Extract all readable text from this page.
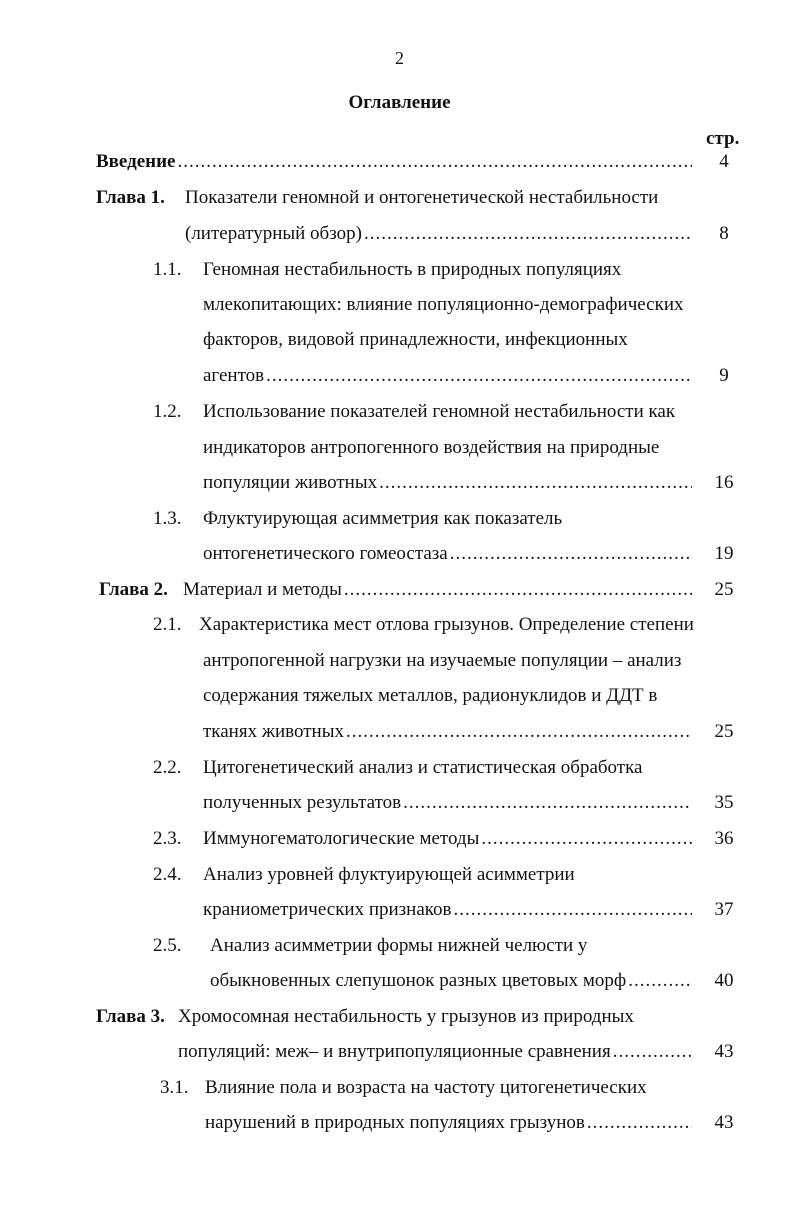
2
Оглавление
стр.
Введение .....	4
Глава 1. Показатели геномной и онтогенетической нестабильности
(литературный обзор) .....	8
1.1. Геномная нестабильность в природных популяциях
млекопитающих: влияние популяционно-демографических
факторов, видовой принадлежности, инфекционных
агентов .....	9
1.2. Использование показателей геномной нестабильности как
индикаторов антропогенного воздействия на природные
популяции животных .....	16
1.3. Флуктуирующая асимметрия как показатель
онтогенетического гомеостаза .....	19
Глава 2. Материал и методы .....	25
2.1. Характеристика мест отлова грызунов. Определение степени
антропогенной нагрузки на изучаемые популяции – анализ
содержания тяжелых металлов, радионуклидов и ДДТ в
тканях животных .....	25
2.2. Цитогенетический анализ и статистическая обработка
полученных результатов .....	35
2.3. Иммуногематологические методы .....	36
2.4. Анализ уровней флуктуирующей асимметрии
краниометрических признаков .....	37
2.5. Анализ асимметрии формы нижней челюсти у
обыкновенных слепушонок разных цветовых морф .....	40
Глава 3. Хромосомная нестабильность у грызунов из природных
популяций: меж– и внутрипопуляционные сравнения .....	43
3.1. Влияние пола и возраста на частоту цитогенетических
нарушений в природных популяциях грызунов .....	43
